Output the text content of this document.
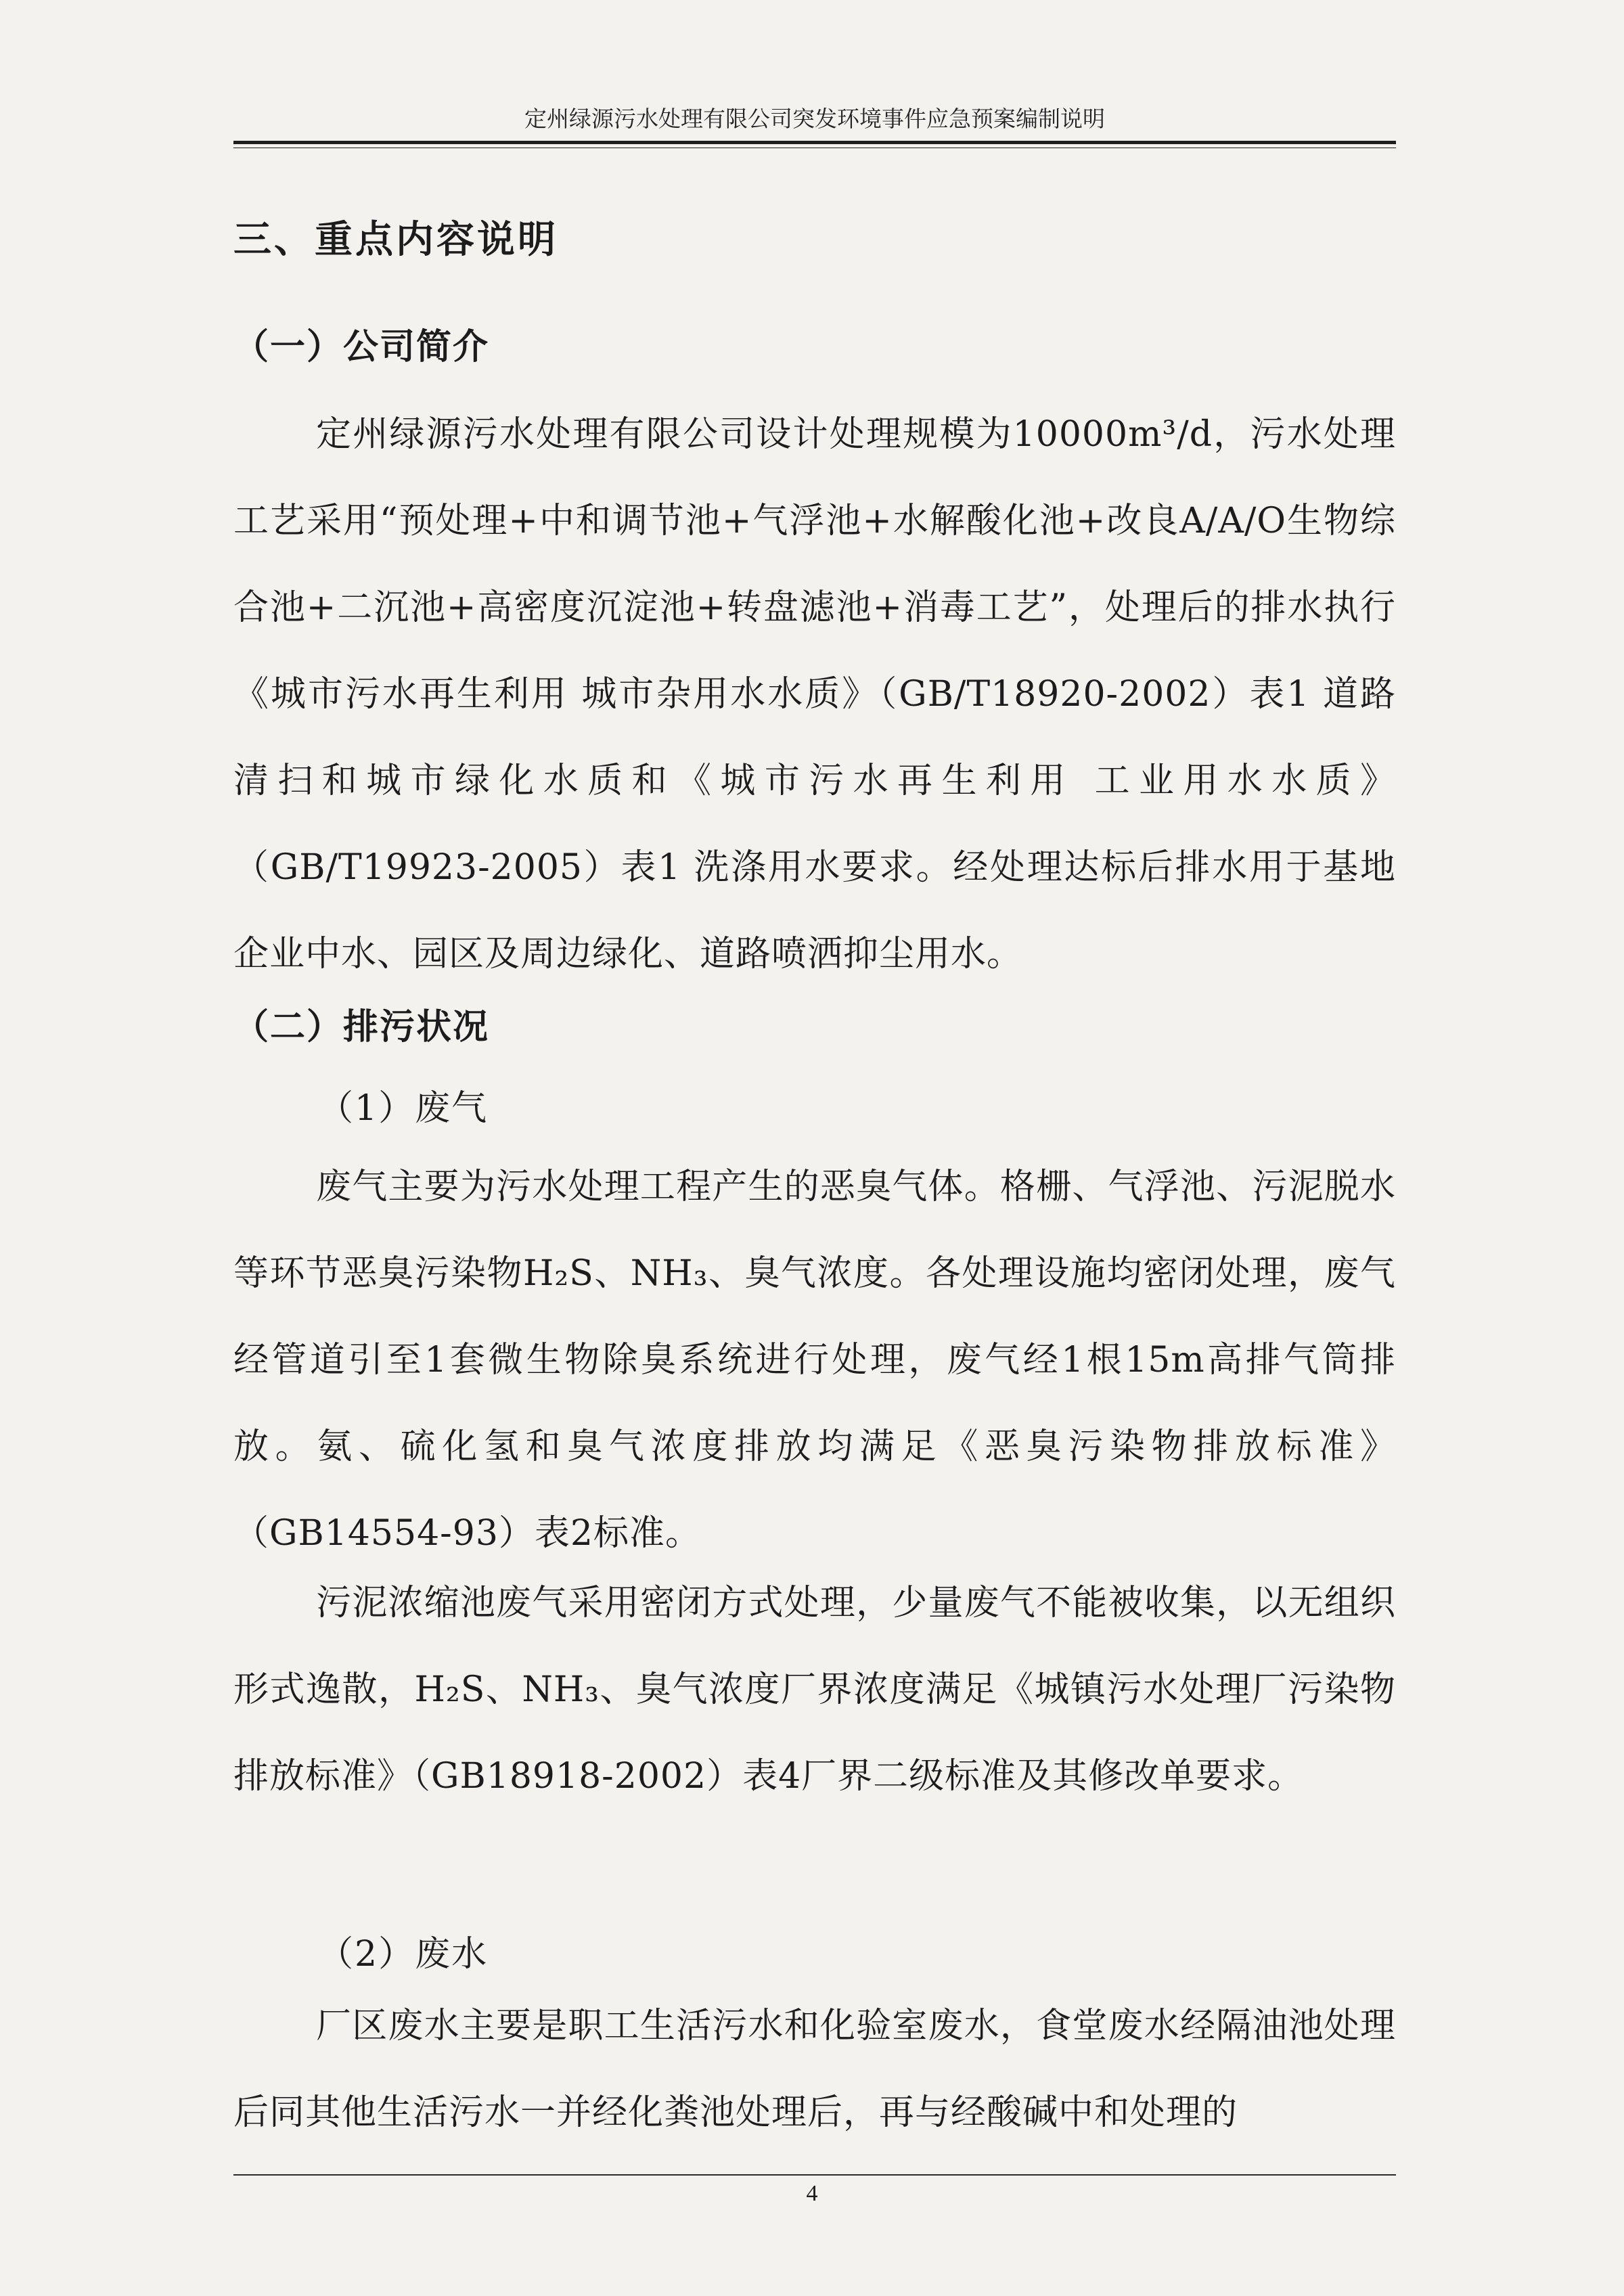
定州绿源污水处理有限公司突发环境事件应急预案编制说明
三、重点内容说明
（一）公司简介

定州绿源污水处理有限公司设计处理规模为10000m³/d，污水处理工艺采用“预处理+中和调节池+气浮池+水解酸化池+改良A/A/O生物综合池+二沉池+高密度沉淀池+转盘滤池+消毒工艺”，处理后的排水执行《城市污水再生利用 城市杂用水水质》（GB/T18920-2002）表1 道路清扫和城市绿化水质和《城市污水再生利用 工业用水水质》（GB/T19923-2005）表1 洗涤用水要求。经处理达标后排水用于基地企业中水、园区及周边绿化、道路喷洒抑尘用水。

（二）排污状况
（1）废气

废气主要为污水处理工程产生的恶臭气体。格栅、气浮池、污泥脱水等环节恶臭污染物H₂S、NH₃、臭气浓度。各处理设施均密闭处理，废气经管道引至1套微生物除臭系统进行处理，废气经1根15m高排气筒排放。氨、硫化氢和臭气浓度排放均满足《恶臭污染物排放标准》（GB14554-93）表2标准。

污泥浓缩池废气采用密闭方式处理，少量废气不能被收集，以无组织形式逸散，H₂S、NH₃、臭气浓度厂界浓度满足《城镇污水处理厂污染物排放标准》（GB18918-2002）表4厂界二级标准及其修改单要求。

（2）废水

厂区废水主要是职工生活污水和化验室废水，食堂废水经隔油池处理后同其他生活污水一并经化粪池处理后，再与经酸碱中和处理的

4
